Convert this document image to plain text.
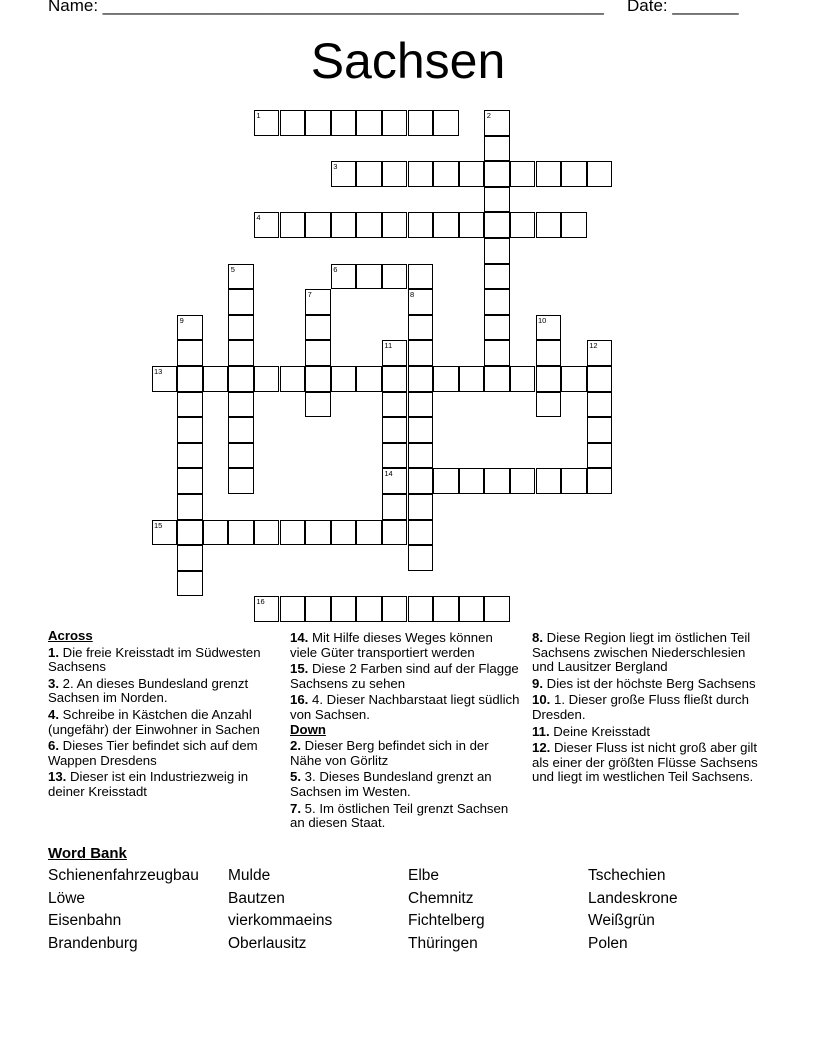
Name: _____________________________________________________ Date: _______
Sachsen
1	2
3
4
5	6
7	8
9	10
11	12
13
14
15
16
Across
1. Die freie Kreisstadt im Südwesten Sachsens
3. 2. An dieses Bundesland grenzt Sachsen im Norden.
4. Schreibe in Kästchen die Anzahl (ungefähr) der Einwohner in Sachen
6. Dieses Tier befindet sich auf dem Wappen Dresdens
13. Dieser ist ein Industriezweig in deiner Kreisstadt
14. Mit Hilfe dieses Weges können viele Güter transportiert werden
15. Diese 2 Farben sind auf der Flagge Sachsens zu sehen
16. 4. Dieser Nachbarstaat liegt südlich von Sachsen.
Down
2. Dieser Berg befindet sich in der Nähe von Görlitz
5. 3. Dieses Bundesland grenzt an Sachsen im Westen.
7. 5. Im östlichen Teil grenzt Sachsen an diesen Staat.
8. Diese Region liegt im östlichen Teil Sachsens zwischen Niederschlesien und Lausitzer Bergland
9. Dies ist der höchste Berg Sachsens
10. 1. Dieser große Fluss fließt durch Dresden.
11. Deine Kreisstadt
12. Dieser Fluss ist nicht groß aber gilt als einer der größten Flüsse Sachsens und liegt im westlichen Teil Sachsens.
Word Bank
Schienenfahrzeugbau	Mulde	Elbe	Tschechien
Löwe	Bautzen	Chemnitz	Landeskrone
Eisenbahn	vierkommaeins	Fichtelberg	Weißgrün
Brandenburg	Oberlausitz	Thüringen	Polen
